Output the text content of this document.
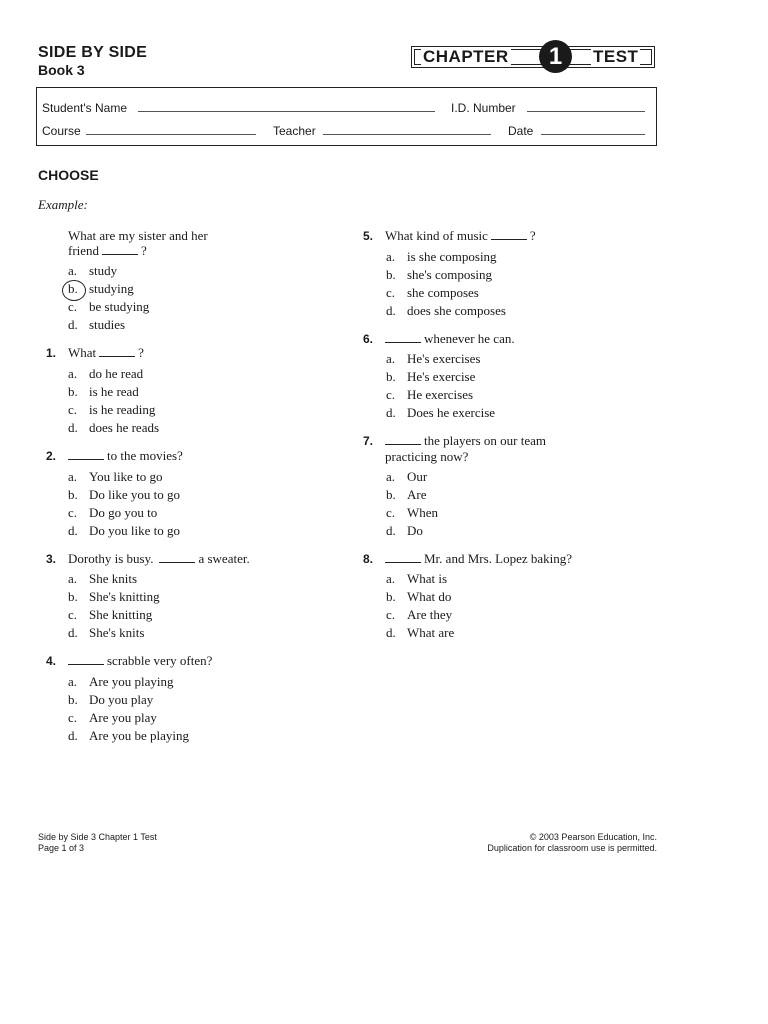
SIDE BY SIDE
Book 3
CHAPTER	1	TEST
Student's Name	I.D. Number
Course	Teacher	Date
CHOOSE
Example:
What are my sister and her
friend	?
a. study
b. studying
c. be studying
d. studies
1. What	?
a. do he read
b. is he read
c. is he reading
d. does he reads
2.	to the movies?
a. You like to go
b. Do like you to go
c. Do go you to
d. Do you like to go
3. Dorothy is busy.	a sweater.
a. She knits
b. She's knitting
c. She knitting
d. She's knits
4.	scrabble very often?
a. Are you playing
b. Do you play
c. Are you play
d. Are you be playing
5. What kind of music	?
a. is she composing
b. she's composing
c. she composes
d. does she composes
6.	whenever he can.
a. He's exercises
b. He's exercise
c. He exercises
d. Does he exercise
7.	the players on our team
practicing now?
a. Our
b. Are
c. When
d. Do
8.	Mr. and Mrs. Lopez baking?
a. What is
b. What do
c. Are they
d. What are
Side by Side 3 Chapter 1 Test
Page 1 of 3
© 2003 Pearson Education, Inc.
Duplication for classroom use is permitted.
